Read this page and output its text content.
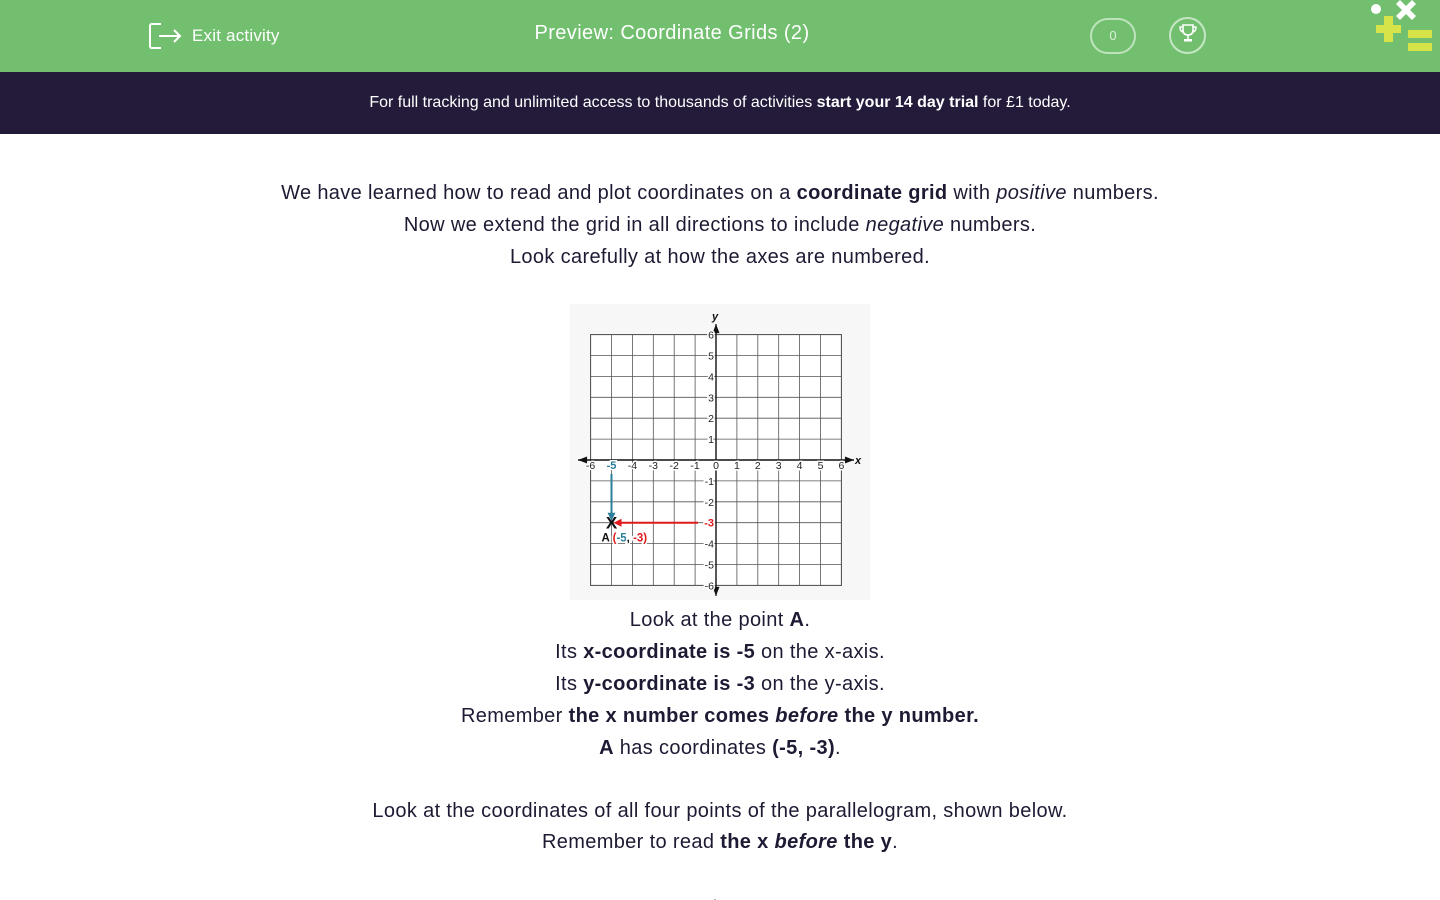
Exit activity	Preview: Coordinate Grids (2)	0
For full tracking and unlimited access to thousands of activities start your 14 day trial for £1 today.
We have learned how to read and plot coordinates on a coordinate grid with positive numbers.
Now we extend the grid in all directions to include negative numbers.
Look carefully at how the axes are numbered.
x
y
-6 -5 -4 -3 -2 -1 0 1 2 3 4 5 6
6
5
4
3
2
1
-1
-2
-3
-4
-5
-6
X
A (-5, -3)
Look at the point A.
Its x-coordinate is -5 on the x-axis.
Its y-coordinate is -3 on the y-axis.
Remember the x number comes before the y number.
A has coordinates (-5, -3).
Look at the coordinates of all four points of the parallelogram, shown below.
Remember to read the x before the y.
